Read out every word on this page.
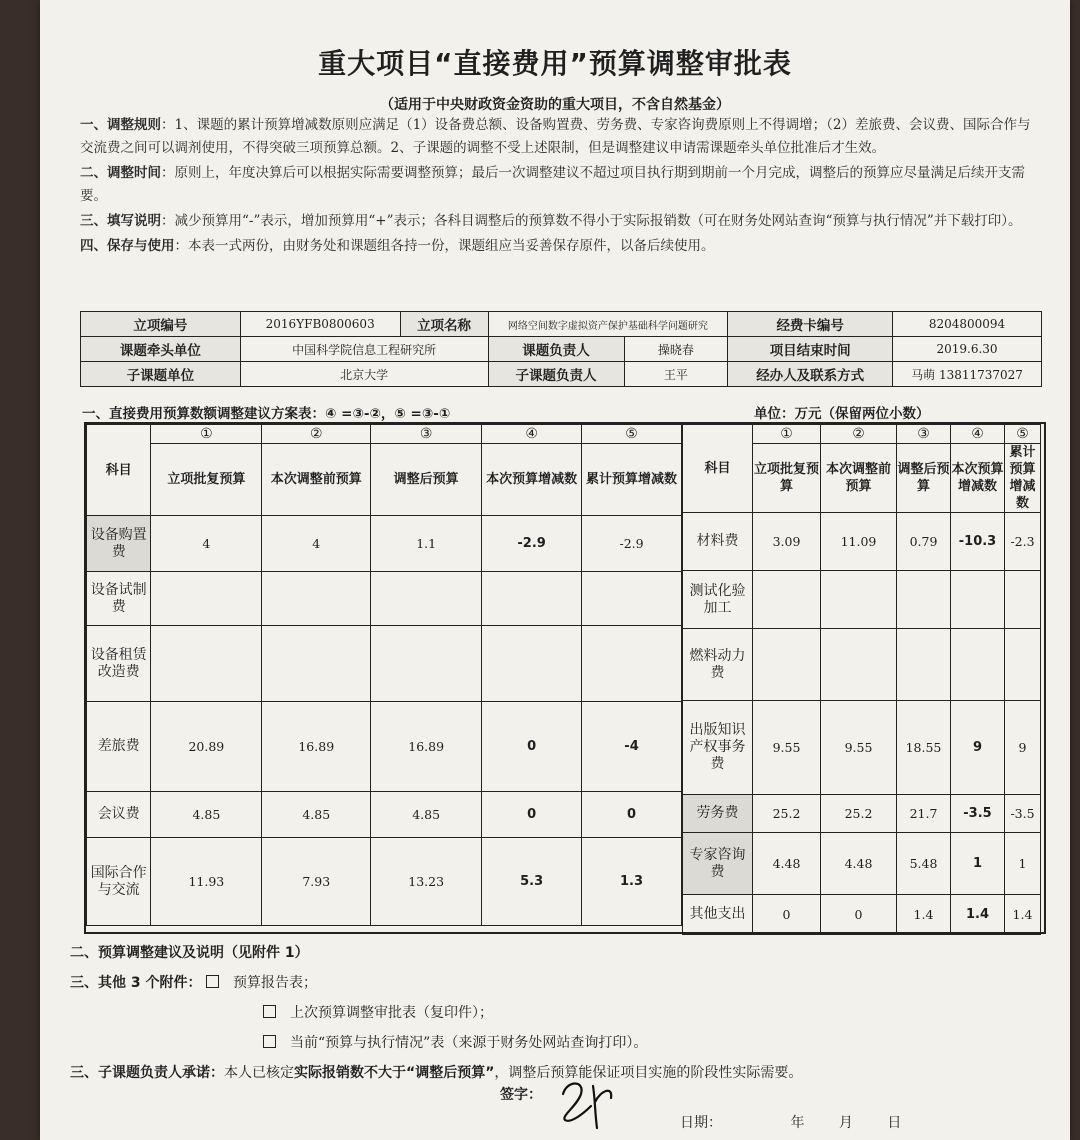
重大项目“直接费用”预算调整审批表
（适用于中央财政资金资助的重大项目，不含自然基金）

一、调整规则：1、课题的累计预算增减数原则应满足（1）设备费总额、设备购置费、劳务费、专家咨询费原则上不得调增；（2）差旅费、会议费、国际合作与交流费之间可以调剂使用，不得突破三项预算总额。2、子课题的调整不受上述限制，但是调整建议申请需课题牵头单位批准后才生效。

二、调整时间：原则上，年度决算后可以根据实际需要调整预算；最后一次调整建议不超过项目执行期到期前一个月完成，调整后的预算应尽量满足后续开支需要。

三、填写说明：减少预算用“-”表示，增加预算用“+”表示；各科目调整后的预算数不得小于实际报销数（可在财务处网站查询“预算与执行情况”并下载打印）。

四、保存与使用：本表一式两份，由财务处和课题组各持一份，课题组应当妥善保存原件，以备后续使用。

立项编号	2016YFB0800603	立项名称	网络空间数字虚拟资产保护基础科学问题研究	经费卡编号	8204800094
课题牵头单位	中国科学院信息工程研究所		课题负责人 操晓春	项目结束时间	2019.6.30
子课题单位	北京大学		子课题负责人 王平	经办人及联系方式	马萌 13811737027
一、直接费用预算数额调整建议方案表：④ =③-②，⑤ =③-①	单位：万元（保留两位小数）
科目	①	②	③	④	⑤
	立项批复预算	本次调整前预算	调整后预算	本次预算增减数	累计预算增减数
设备购置费	4	4	1.1	-2.9	-2.9
设备试制费					
设备租赁改造费					
差旅费	20.89	16.89	16.89	0	-4
会议费	4.85	4.85	4.85	0	0
国际合作与交流	11.93	7.93	13.23	5.3	1.3
科目	①	②	③	④	⑤
	立项批复预算	本次调整前预算	调整后预算	本次预算增减数	累计预算增减数
材料费	3.09	11.09	0.79	-10.3	-2.3
测试化验加工					
燃料动力费					
出版知识产权事务费	9.55	9.55	18.55	9	9
劳务费	25.2	25.2	21.7	-3.5	-3.5
专家咨询费	4.48	4.48	5.48	1	1
其他支出	0	0	1.4	1.4	1.4
二、预算调整建议及说明（见附件 1）
三、其他 3 个附件： 预算报告表；
上次预算调整审批表（复印件）；
当前“预算与执行情况”表（来源于财务处网站查询打印）。
三、子课题负责人承诺：本人已核定实际报销数不大于“调整后预算”，调整后预算能保证项目实施的阶段性实际需要。
签字：
日期：	年 月 日
